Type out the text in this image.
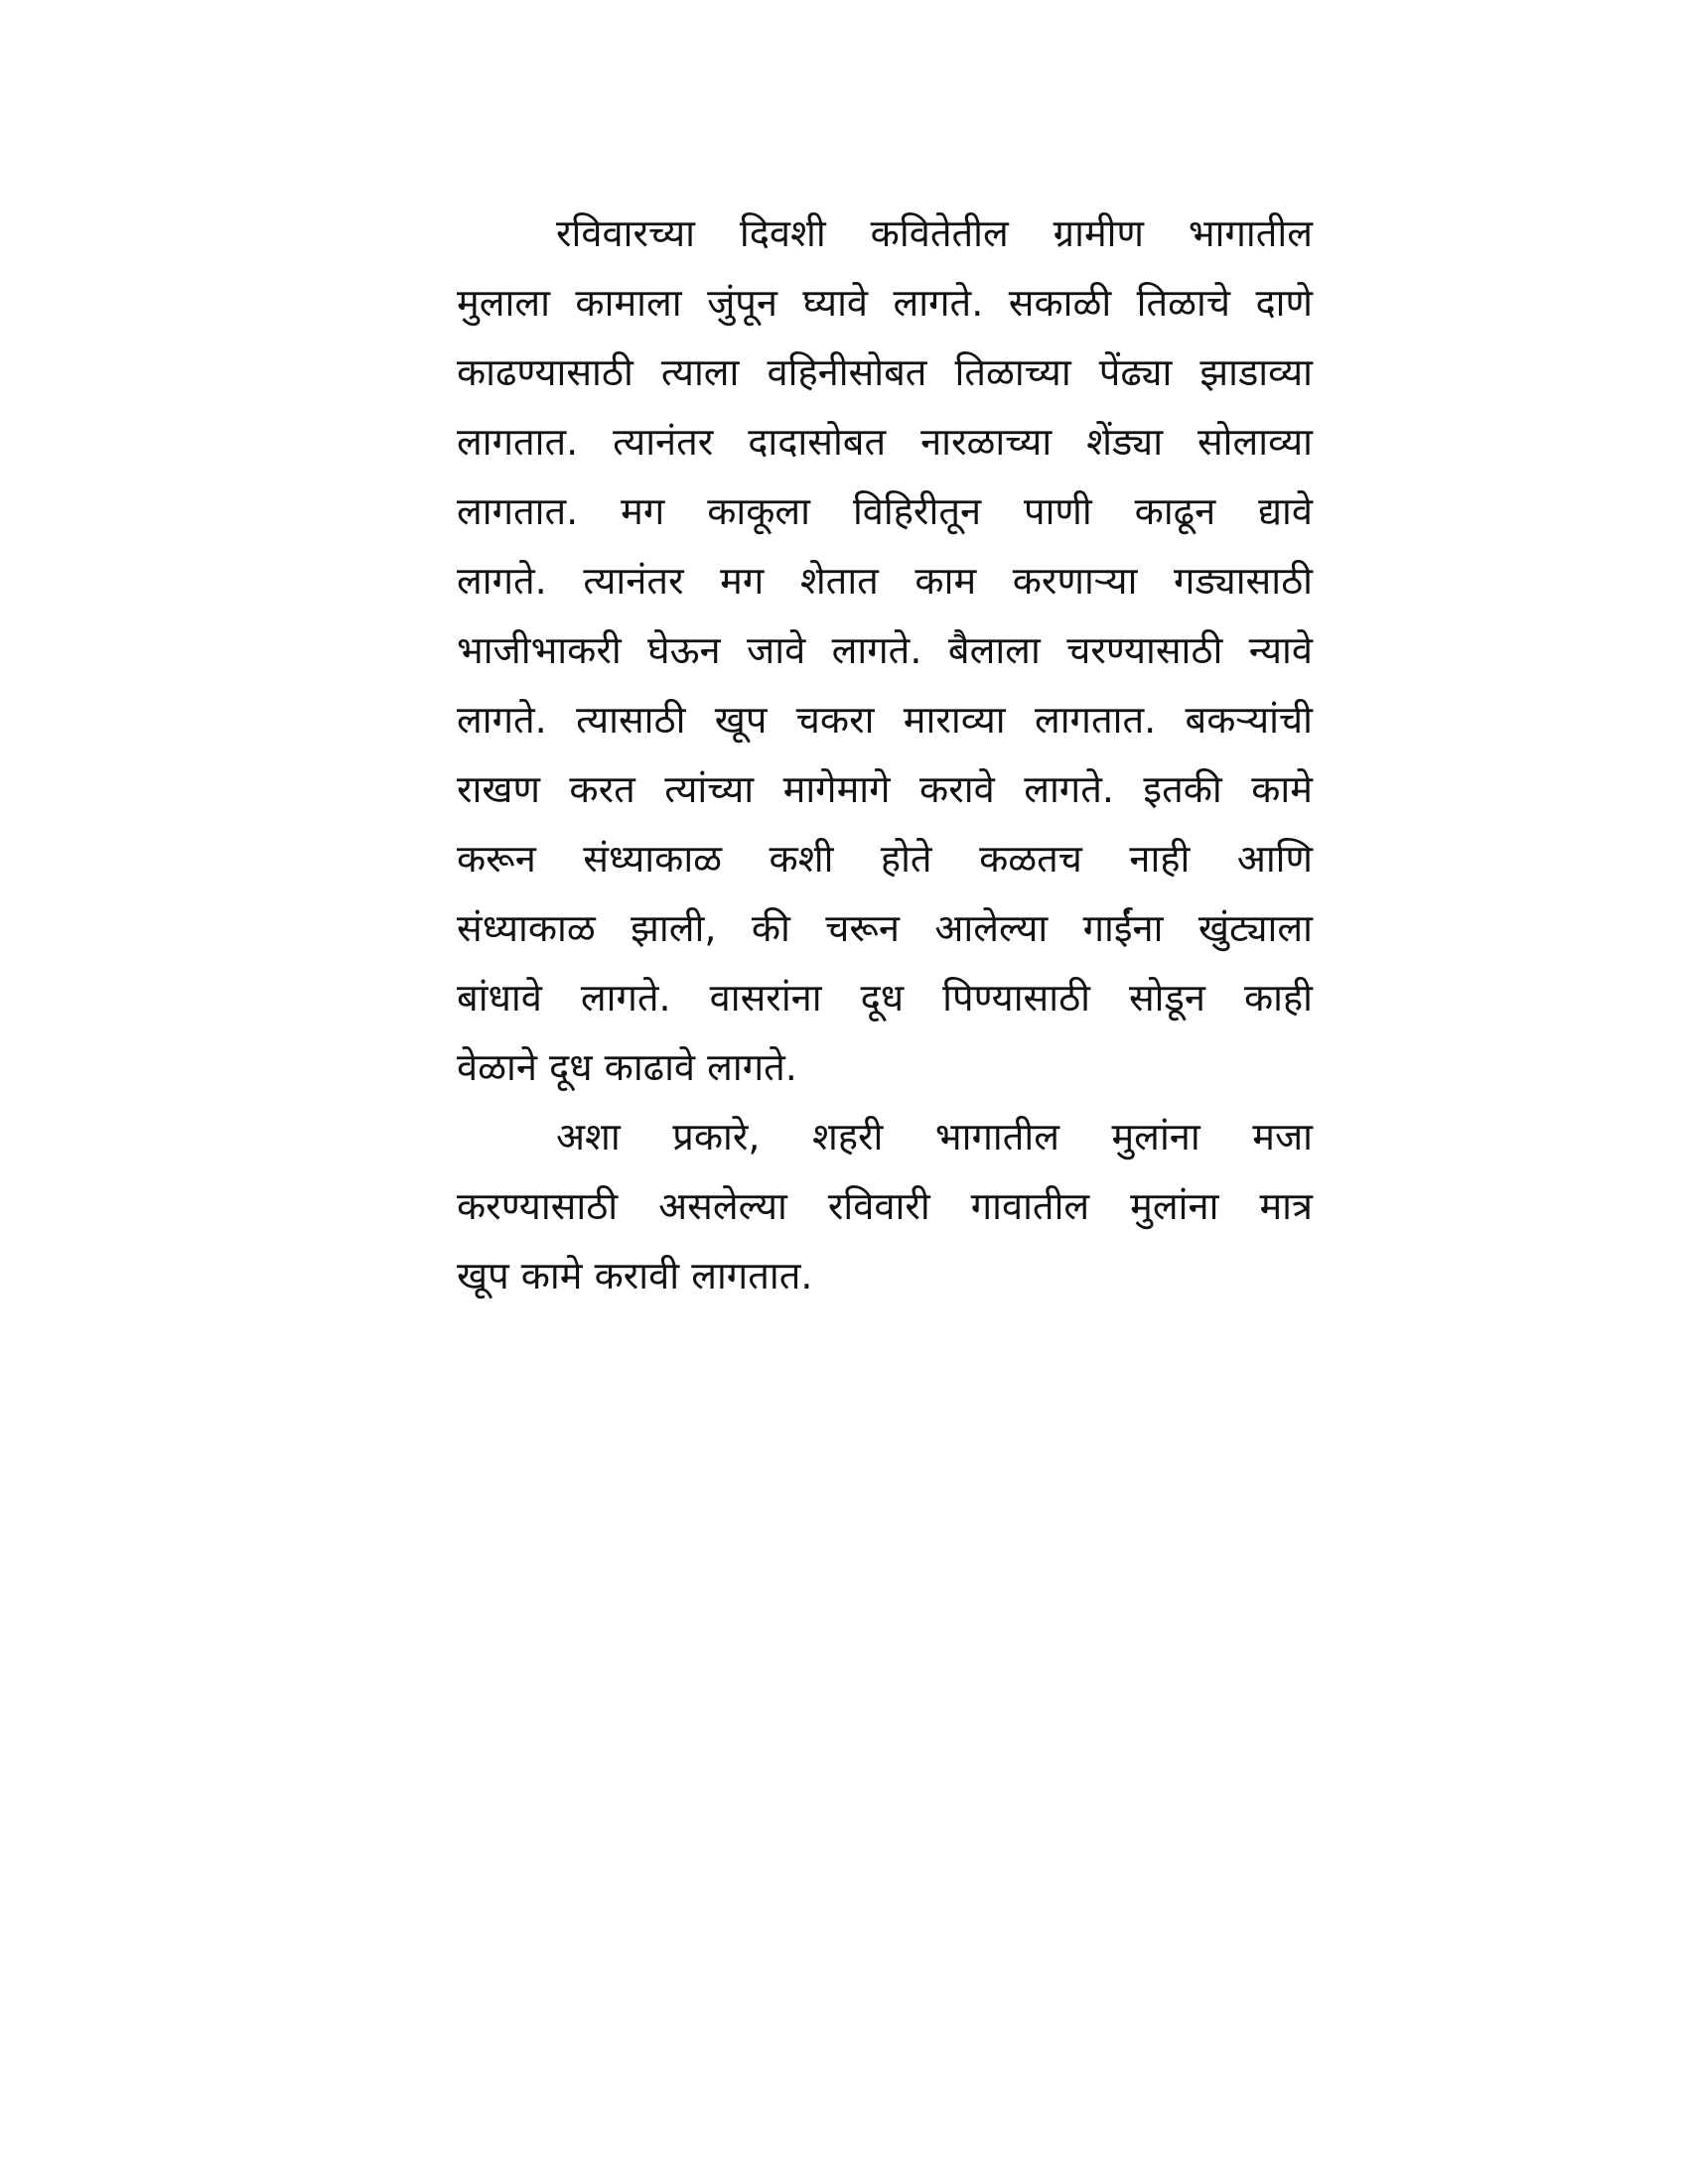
रविवारच्या दिवशी कवितेतील ग्रामीण भागातील
मुलाला कामाला जुंपून घ्यावे लागते. सकाळी तिळाचे दाणे
काढण्यासाठी त्याला वहिनीसोबत तिळाच्या पेंढ्या झाडाव्या
लागतात. त्यानंतर दादासोबत नारळाच्या शेंड्या सोलाव्या
लागतात. मग काकूला विहिरीतून पाणी काढून द्यावे
लागते. त्यानंतर मग शेतात काम करणाऱ्या गड्यासाठी
भाजीभाकरी घेऊन जावे लागते. बैलाला चरण्यासाठी न्यावे
लागते. त्यासाठी खूप चकरा माराव्या लागतात. बकऱ्यांची
राखण करत त्यांच्या मागेमागे करावे लागते. इतकी कामे
करून संध्याकाळ कशी होते कळतच नाही आणि
संध्याकाळ झाली, की चरून आलेल्या गाईंना खुंट्याला
बांधावे लागते. वासरांना दूध पिण्यासाठी सोडून काही
वेळाने दूध काढावे लागते.
अशा प्रकारे, शहरी भागातील मुलांना मजा
करण्यासाठी असलेल्या रविवारी गावातील मुलांना मात्र
खूप कामे करावी लागतात.
